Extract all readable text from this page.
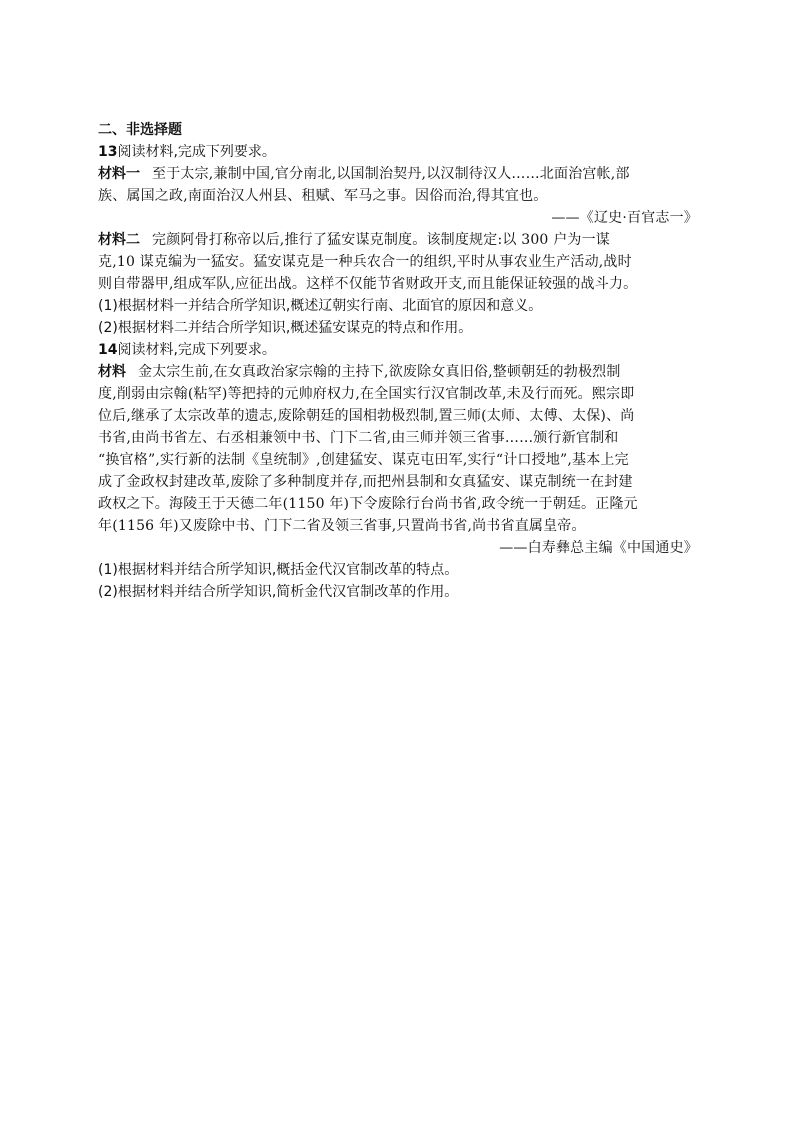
二、非选择题
13阅读材料,完成下列要求。
材料一 至于太宗,兼制中国,官分南北,以国制治契丹,以汉制待汉人……北面治宫帐,部
族、属国之政,南面治汉人州县、租赋、军马之事。因俗而治,得其宜也。
——《辽史·百官志一》
材料二 完颜阿骨打称帝以后,推行了猛安谋克制度。该制度规定:以 300 户为一谋
克,10 谋克编为一猛安。猛安谋克是一种兵农合一的组织,平时从事农业生产活动,战时
则自带器甲,组成军队,应征出战。这样不仅能节省财政开支,而且能保证较强的战斗力。
(1)根据材料一并结合所学知识,概述辽朝实行南、北面官的原因和意义。
(2)根据材料二并结合所学知识,概述猛安谋克的特点和作用。
14阅读材料,完成下列要求。
材料 金太宗生前,在女真政治家宗翰的主持下,欲废除女真旧俗,整顿朝廷的勃极烈制
度,削弱由宗翰(粘罕)等把持的元帅府权力,在全国实行汉官制改革,未及行而死。熙宗即
位后,继承了太宗改革的遗志,废除朝廷的国相勃极烈制,置三师(太师、太傅、太保)、尚
书省,由尚书省左、右丞相兼领中书、门下二省,由三师并领三省事……颁行新官制和
“换官格”,实行新的法制《皇统制》,创建猛安、谋克屯田军,实行“计口授地”,基本上完
成了金政权封建改革,废除了多种制度并存,而把州县制和女真猛安、谋克制统一在封建
政权之下。海陵王于天德二年(1150 年)下令废除行台尚书省,政令统一于朝廷。正隆元
年(1156 年)又废除中书、门下二省及领三省事,只置尚书省,尚书省直属皇帝。
——白寿彝总主编《中国通史》
(1)根据材料并结合所学知识,概括金代汉官制改革的特点。
(2)根据材料并结合所学知识,简析金代汉官制改革的作用。
